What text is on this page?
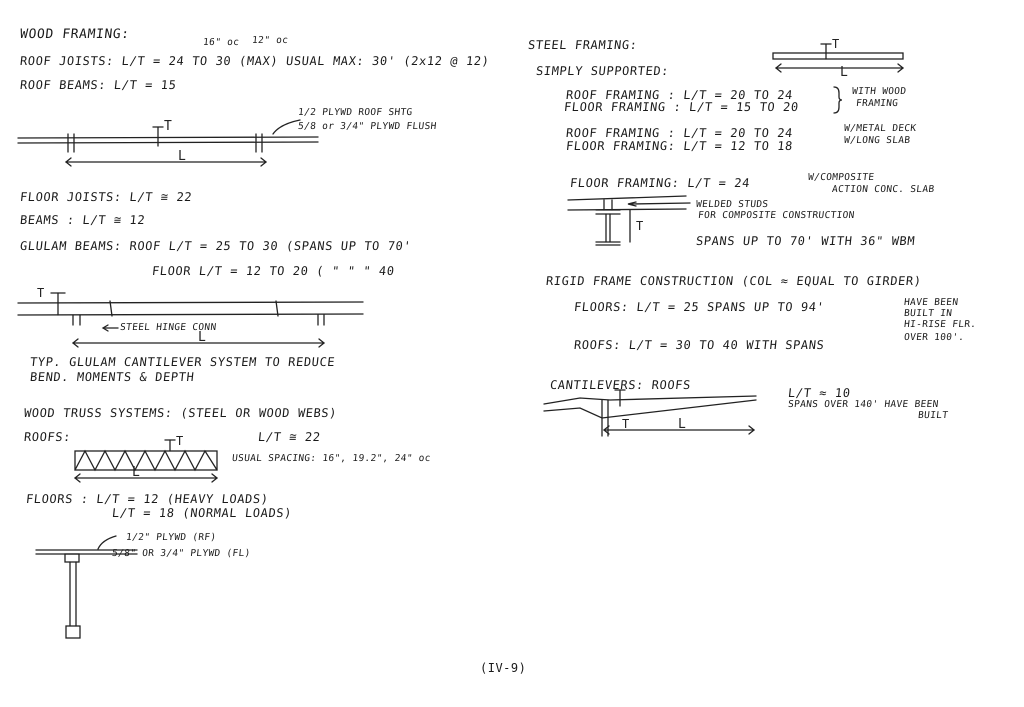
WOOD FRAMING:
16" oc 12" oc
ROOF JOISTS: L/T = 24 TO 30 (MAX) USUAL MAX: 30' (2x12 @ 12)
ROOF BEAMS: L/T = 15
1/2 PLYWD ROOF SHTG
5/8 or 3/4" PLYWD FLUSH
T
L
FLOOR JOISTS: L/T ≅ 22
BEAMS : L/T ≅ 12
GLULAM BEAMS: ROOF L/T = 25 TO 30 (SPANS UP TO 70'
FLOOR L/T = 12 TO 20 ( " " " 40
T
L
STEEL HINGE CONN
TYP. GLULAM CANTILEVER SYSTEM TO REDUCE
BEND. MOMENTS & DEPTH
WOOD TRUSS SYSTEMS: (STEEL OR WOOD WEBS)
ROOFS:	L/T ≅ 22
USUAL SPACING: 16", 19.2", 24" oc
T
L
FLOORS : L/T = 12 (HEAVY LOADS)
L/T = 18 (NORMAL LOADS)
1/2" PLYWD (RF)
5/8" OR 3/4" PLYWD (FL)
STEEL FRAMING:
SIMPLY SUPPORTED:
T
L
ROOF FRAMING : L/T = 20 TO 24
FLOOR FRAMING : L/T = 15 TO 20
WITH WOOD
FRAMING
ROOF FRAMING : L/T = 20 TO 24
FLOOR FRAMING: L/T = 12 TO 18
W/METAL DECK
W/LONG SLAB
FLOOR FRAMING: L/T = 24	W/COMPOSITE
ACTION CONC. SLAB
T
WELDED STUDS
FOR COMPOSITE CONSTRUCTION
SPANS UP TO 70' WITH 36" WBM
RIGID FRAME CONSTRUCTION (COL ≈ EQUAL TO GIRDER)
FLOORS: L/T = 25 SPANS UP TO 94'	HAVE BEEN
BUILT IN
HI-RISE FLR.
ROOFS: L/T = 30 TO 40 WITH SPANS
OVER 100'.
CANTILEVERS: ROOFS
T	L
L/T ≈ 10
SPANS OVER 140' HAVE BEEN
BUILT
(IV-9)
